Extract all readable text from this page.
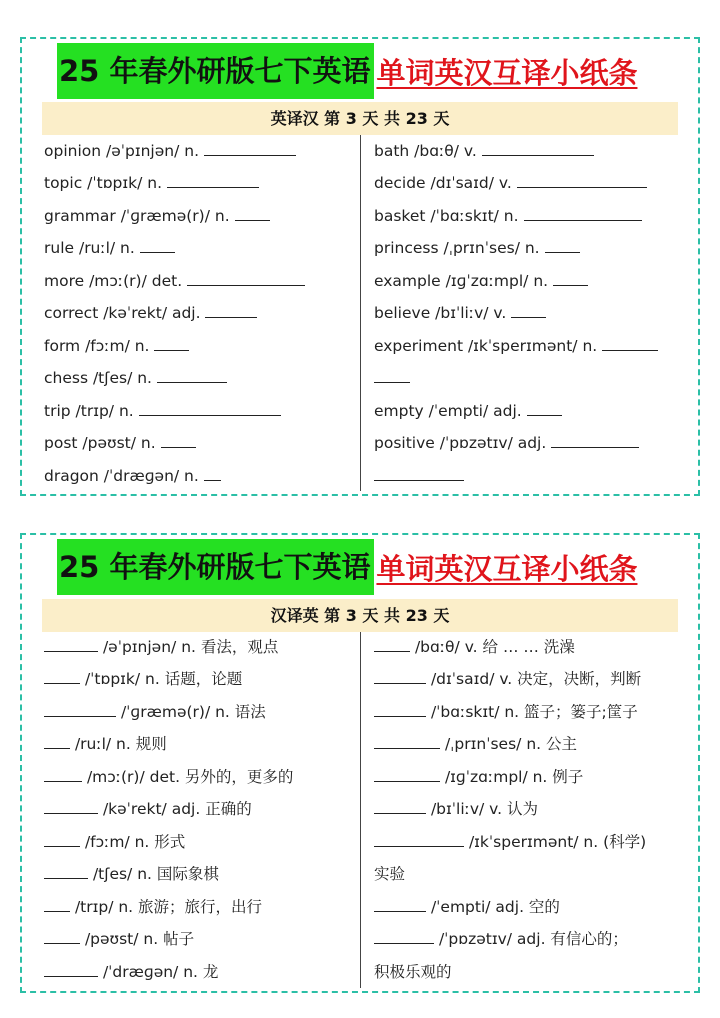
25 年春外研版七下英语 单词英汉互译小纸条
英译汉 第 3 天 共 23 天
opinion /əˈpɪnjən/ n.
topic /ˈtɒpɪk/ n.
grammar /ˈɡræmə(r)/ n.
rule /ruːl/ n.
more /mɔː(r)/ det.
correct /kəˈrekt/ adj.
form /fɔːm/ n.
chess /tʃes/ n.
trip /trɪp/ n.
post /pəʊst/ n.
dragon /ˈdræɡən/ n.
bath /bɑːθ/ v.
decide /dɪˈsaɪd/ v.
basket /ˈbɑːskɪt/ n.
princess /ˌprɪnˈses/ n.
example /ɪɡˈzɑːmpl/ n.
believe /bɪˈliːv/ v.
experiment /ɪkˈsperɪmənt/ n.
empty /ˈempti/ adj.
positive /ˈpɒzətɪv/ adj.
25 年春外研版七下英语 单词英汉互译小纸条
汉译英 第 3 天 共 23 天
/əˈpɪnjən/ n. 看法，观点
/ˈtɒpɪk/ n. 话题，论题
/ˈɡræmə(r)/ n. 语法
/ruːl/ n. 规则
/mɔː(r)/ det. 另外的，更多的
/kəˈrekt/ adj. 正确的
/fɔːm/ n. 形式
/tʃes/ n. 国际象棋
/trɪp/ n. 旅游；旅行，出行
/pəʊst/ n. 帖子
/ˈdræɡən/ n. 龙
/bɑːθ/ v. 给 … … 洗澡
/dɪˈsaɪd/ v. 决定，决断，判断
/ˈbɑːskɪt/ n. 篮子；篓子;筐子
/ˌprɪnˈses/ n. 公主
/ɪɡˈzɑːmpl/ n. 例子
/bɪˈliːv/ v. 认为
/ɪkˈsperɪmənt/ n. (科学)
实验
/ˈempti/ adj. 空的
/ˈpɒzətɪv/ adj. 有信心的；
积极乐观的
